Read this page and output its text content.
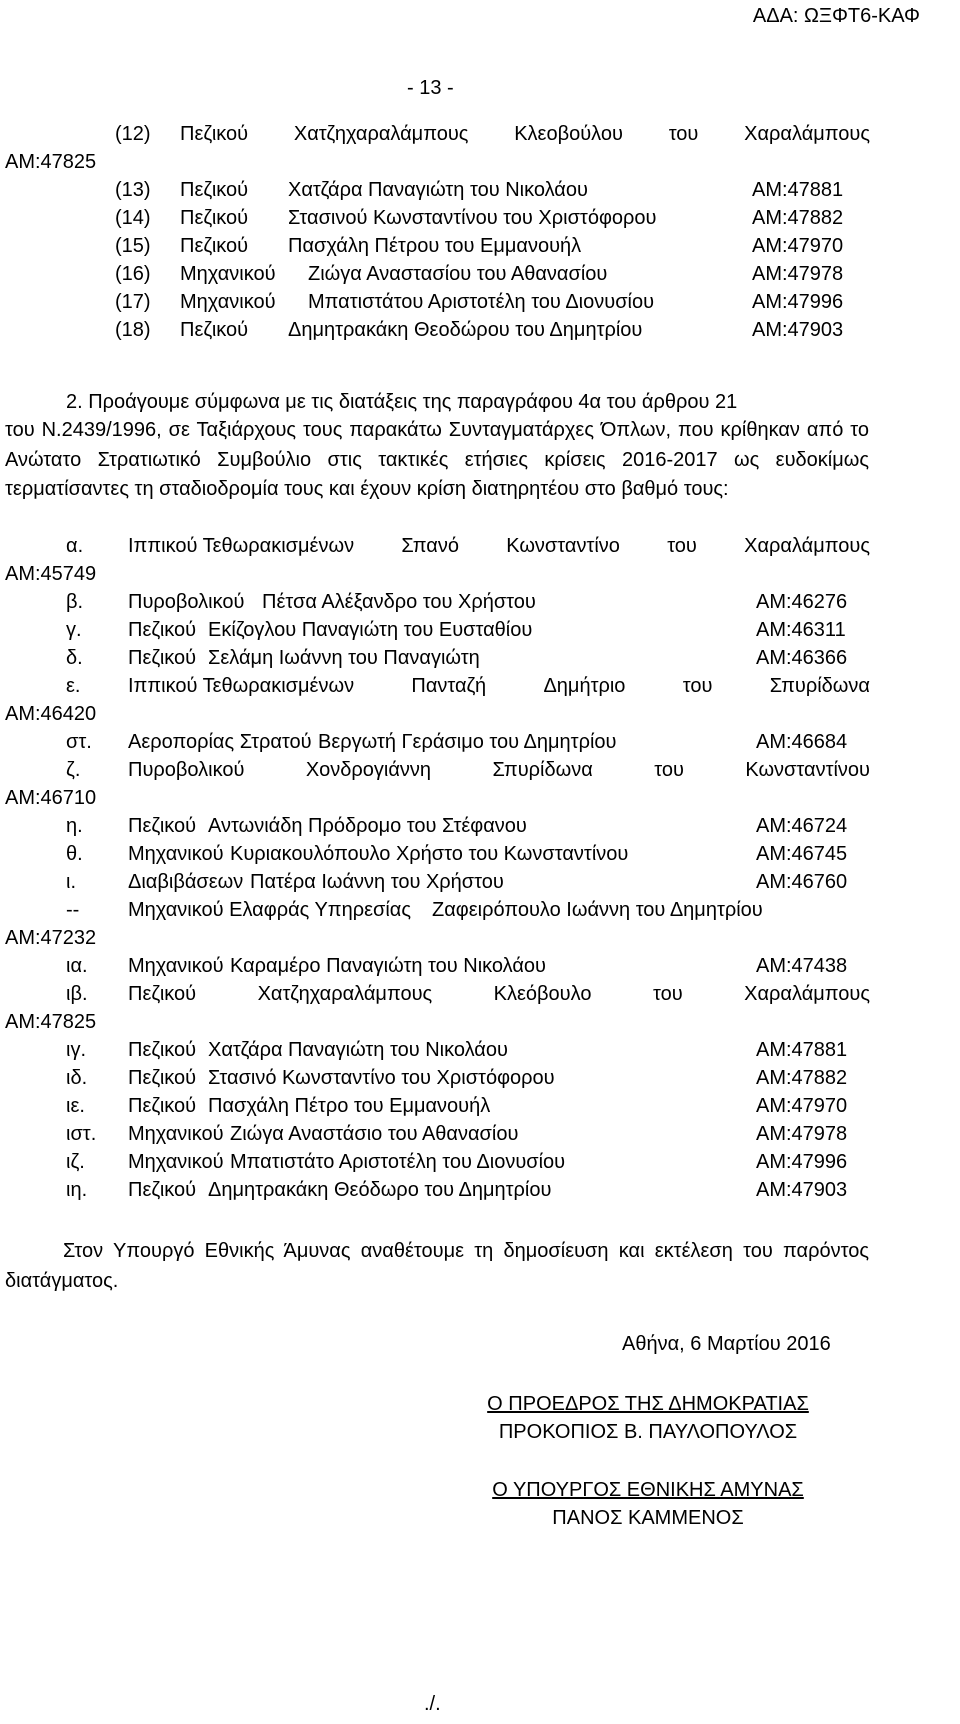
ΑΔΑ: ΩΞΦΤ6-ΚΑΦ
- 13 -
(12) Πεζικού Χατζηχαραλάμπους Κλεοβούλου του Χαραλάμπους
ΑΜ:47825
(13) Πεζικού Χατζάρα Παναγιώτη του Νικολάου	ΑΜ:47881
(14) Πεζικού Στασινού Κωνσταντίνου του Χριστόφορου	ΑΜ:47882
(15) Πεζικού Πασχάλη Πέτρου του Εμμανουήλ	ΑΜ:47970
(16) Μηχανικού Ζιώγα Αναστασίου του Αθανασίου	ΑΜ:47978
(17) Μηχανικού Μπατιστάτου Αριστοτέλη του Διονυσίου	ΑΜ:47996
(18) Πεζικού Δημητρακάκη Θεοδώρου του Δημητρίου	ΑΜ:47903
2. Προάγουμε σύμφωνα με τις διατάξεις της παραγράφου 4α του άρθρου 21
του Ν.2439/1996, σε Ταξιάρχους τους παρακάτω Συνταγματάρχες Όπλων, που κρίθηκαν από το Ανώτατο Στρατιωτικό Συμβούλιο στις τακτικές ετήσιες κρίσεις 2016-2017 ως ευδοκίμως τερματίσαντες τη σταδιοδρομία τους και έχουν κρίση διατηρητέου στο βαθμό τους:
α. Ιππικού Τεθωρακισμένων Σπανό Κωνσταντίνο του Χαραλάμπους
ΑΜ:45749
β. Πυροβολικού Πέτσα Αλέξανδρο του Χρήστου	ΑΜ:46276
γ. Πεζικού Εκίζογλου Παναγιώτη του Ευσταθίου	ΑΜ:46311
δ. Πεζικού Σελάμη Ιωάννη του Παναγιώτη	ΑΜ:46366
ε. Ιππικού Τεθωρακισμένων	Πανταζή	Δημήτριο	του	Σπυρίδωνα
ΑΜ:46420
στ. Αεροπορίας Στρατού Βεργωτή Γεράσιμο του Δημητρίου	ΑΜ:46684
ζ. Πυροβολικού	Χονδρογιάννη	Σπυρίδωνα	του	Κωνσταντίνου
ΑΜ:46710
η. Πεζικού Αντωνιάδη Πρόδρομο του Στέφανου	ΑΜ:46724
θ. Μηχανικού Κυριακουλόπουλο Χρήστο του Κωνσταντίνου	ΑΜ:46745
ι.	Διαβιβάσεων Πατέρα Ιωάννη του Χρήστου	ΑΜ:46760
-- Μηχανικού Ελαφράς Υπηρεσίας Ζαφειρόπουλο Ιωάννη του Δημητρίου
ΑΜ:47232
ια. Μηχανικού Καραμέρο Παναγιώτη του Νικολάου	ΑΜ:47438
ιβ. Πεζικού	Χατζηχαραλάμπους	Κλεόβουλο	του	Χαραλάμπους
ΑΜ:47825
ιγ. Πεζικού Χατζάρα Παναγιώτη του Νικολάου	ΑΜ:47881
ιδ. Πεζικού Στασινό Κωνσταντίνο του Χριστόφορου	ΑΜ:47882
ιε. Πεζικού Πασχάλη Πέτρο του Εμμανουήλ	ΑΜ:47970
ιστ. Μηχανικού Ζιώγα Αναστάσιο του Αθανασίου	ΑΜ:47978
ιζ. Μηχανικού Μπατιστάτο Αριστοτέλη του Διονυσίου	ΑΜ:47996
ιη. Πεζικού Δημητρακάκη Θεόδωρο του Δημητρίου	ΑΜ:47903
Στον Υπουργό Εθνικής Άμυνας αναθέτουμε τη δημοσίευση και εκτέλεση του παρόντος διατάγματος.
Αθήνα, 6 Μαρτίου 2016
Ο ΠΡΟΕΔΡΟΣ ΤΗΣ ΔΗΜΟΚΡΑΤΙΑΣ
ΠΡΟΚΟΠΙΟΣ Β. ΠΑΥΛΟΠΟΥΛΟΣ
Ο ΥΠΟΥΡΓΟΣ ΕΘΝΙΚΗΣ ΑΜΥΝΑΣ
ΠΑΝΟΣ ΚΑΜΜΕΝΟΣ
./.
